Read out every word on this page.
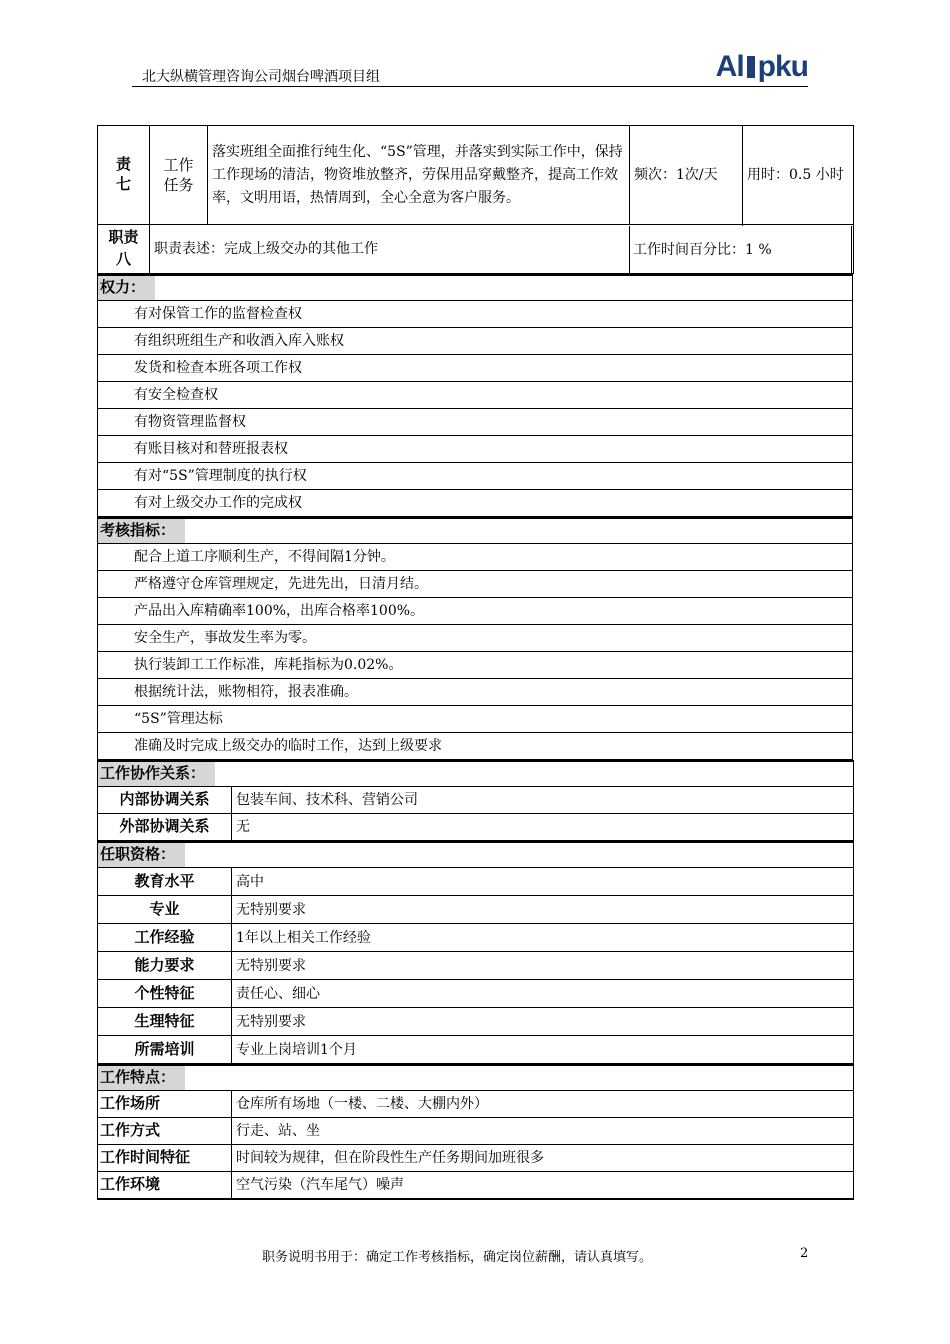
北大纵横管理咨询公司烟台啤酒项目组	Al pku
责
七	工作
任务	落实班组全面推行纯生化、“5S”管理，并落实到实际工作中，保持工作现场的清洁，物资堆放整齐，劳保用品穿戴整齐，提高工作效率，文明用语，热情周到，全心全意为客户服务。	频次：1次/天	用时：0.5 小时
职责
八	职责表述：完成上级交办的其他工作				工作时间百分比：1 %
权力：
有对保管工作的监督检查权
有组织班组生产和收酒入库入账权
发货和检查本班各项工作权
有安全检查权
有物资管理监督权
有账目核对和替班报表权
有对“5S”管理制度的执行权
有对上级交办工作的完成权
考核指标：
配合上道工序顺利生产，不得间隔1分钟。
严格遵守仓库管理规定，先进先出，日清月结。
产品出入库精确率100%，出库合格率100%。
安全生产，事故发生率为零。
执行装卸工工作标准，库耗指标为0.02%。
根据统计法，账物相符，报表准确。
“5S”管理达标
准确及时完成上级交办的临时工作，达到上级要求
工作协作关系：	
内部协调关系	包装车间、技术科、营销公司
外部协调关系	无
任职资格：	
教育水平	高中
专业	无特别要求
工作经验	1年以上相关工作经验
能力要求	无特别要求
个性特征	责任心、细心
生理特征	无特别要求
所需培训	专业上岗培训1个月
工作特点：	
工作场所	仓库所有场地（一楼、二楼、大棚内外）
工作方式	行走、站、坐
工作时间特征	时间较为规律，但在阶段性生产任务期间加班很多
工作环境	空气污染（汽车尾气）噪声
职务说明书用于：确定工作考核指标，确定岗位薪酬，请认真填写。	2
